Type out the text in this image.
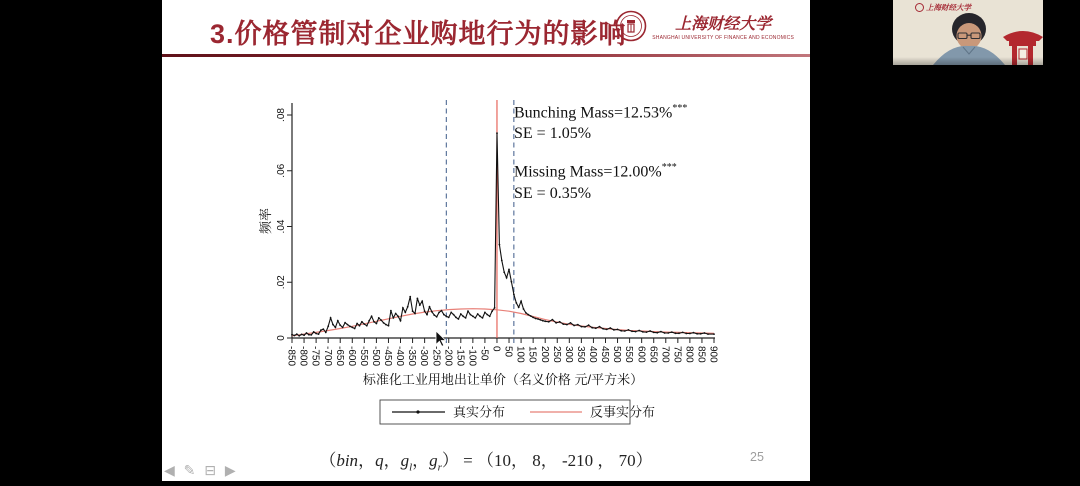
3.价格管制对企业购地行为的影响	上海财经大学
SHANGHAI UNIVERSITY OF FINANCE AND ECONOMICS
-850 -800 -750 -700 -650 -600 -550 -500 -450 -400 -350 -300 -250 -200 -150 -100 -50 0 50 100 150 200 250 300 350 400 450 500 550 600 650 700 750 800 850 900
0
.02
.04
.06
.08
频率
标准化工业用地出让单价（名义价格 元/平方米）
真实分布	反事实分布
Bunching Mass=12.53%***
SE = 1.05%
Missing Mass=12.00%***
SE = 0.35%
（bin，q，$g_l$，$g_r) = (10$， 8， -210 ， 70）	25
◀ ✎ ⊟ ▶
上海财经大学
